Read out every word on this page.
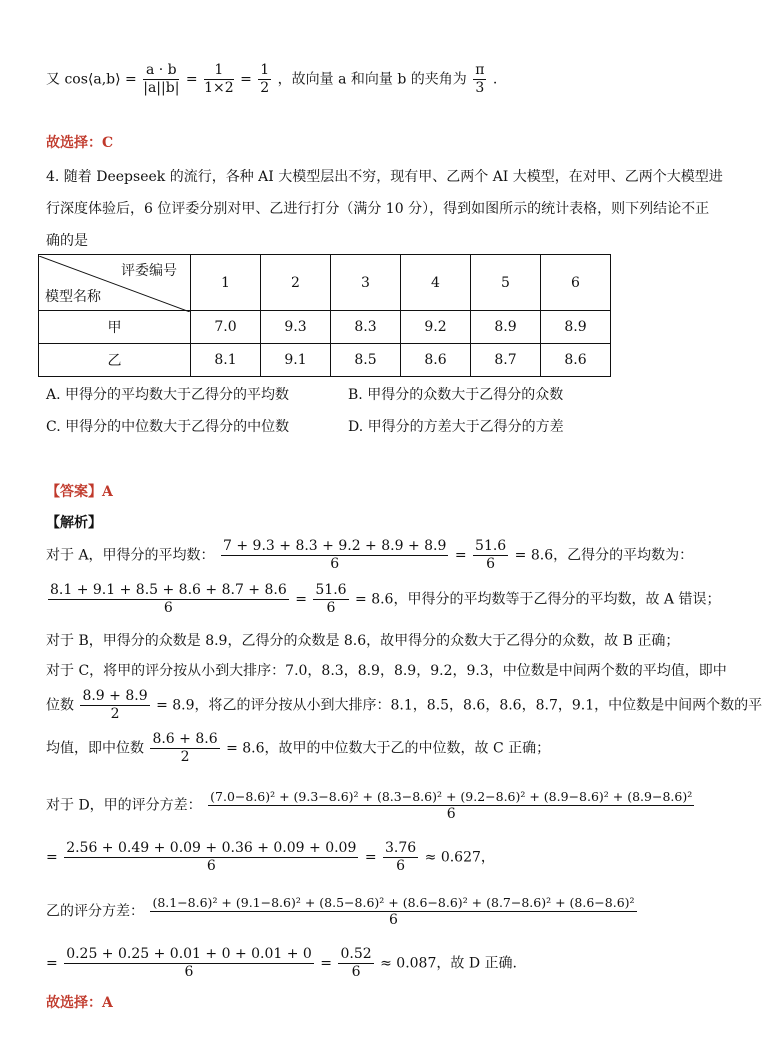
又 cos⟨a,b⟩ = $\frac{a \cdot b}{|a||b|} = \frac{1}{1\times 2} = \frac{1}{2}$ ，故向量 a 和向量 b 的夹角为 $\frac{\pi}{3}$ .
故选择：C
4. 随着 Deepseek 的流行，各种 AI 大模型层出不穷，现有甲、乙两个 AI 大模型，在对甲、乙两个大模型进
行深度体验后，6 位评委分别对甲、乙进行打分（满分 10 分），得到如图所示的统计表格，则下列结论不正
确的是
评委编号
模型名称	1	2	3	4	5	6
甲	7.0	9.3	8.3	9.2	8.9	8.9
乙	8.1	9.1	8.5	8.6	8.7	8.6
A. 甲得分的平均数大于乙得分的平均数	B. 甲得分的众数大于乙得分的众数
C. 甲得分的中位数大于乙得分的中位数	D. 甲得分的方差大于乙得分的方差
【答案】A
【解析】
对于 A，甲得分的平均数： $\frac{7 + 9.3 + 8.3 + 9.2 + 8.9 + 8.9}{6} = \frac{51.6}{6} = 8.6$，乙得分的平均数为：
$\frac{8.1 + 9.1 + 8.5 + 8.6 + 8.7 + 8.6}{6} = \frac{51.6}{6} = 8.6$，甲得分的平均数等于乙得分的平均数，故 A 错误；
对于 B，甲得分的众数是 8.9，乙得分的众数是 8.6，故甲得分的众数大于乙得分的众数，故 B 正确；
对于 C，将甲的评分按从小到大排序：7.0，8.3，8.9，8.9，9.2，9.3，中位数是中间两个数的平均值，即中
位数 $\frac{8.9 + 8.9}{2} = 8.9$，将乙的评分按从小到大排序：8.1，8.5，8.6，8.6，8.7，9.1，中位数是中间两个数的平
均值，即中位数 $\frac{8.6 + 8.6}{2} = 8.6$，故甲的中位数大于乙的中位数，故 C 正确；
对于 D，甲的评分方差：
(7.0−8.6)² + (9.3−8.6)² + (8.3−8.6)² + (9.2−8.6)² + (8.9−8.6)² + (8.9−8.6)²
6
= $\frac{2.56 + 0.49 + 0.09 + 0.36 + 0.09 + 0.09}{6} = \frac{3.76}{6} \approx 0.627$，
乙的评分方差：
(8.1−8.6)² + (9.1−8.6)² + (8.5−8.6)² + (8.6−8.6)² + (8.7−8.6)² + (8.6−8.6)²
6
= $\frac{0.25 + 0.25 + 0.01 + 0 + 0.01 + 0}{6} = \frac{0.52}{6} \approx 0.087$，故 D 正确.
故选择：A
